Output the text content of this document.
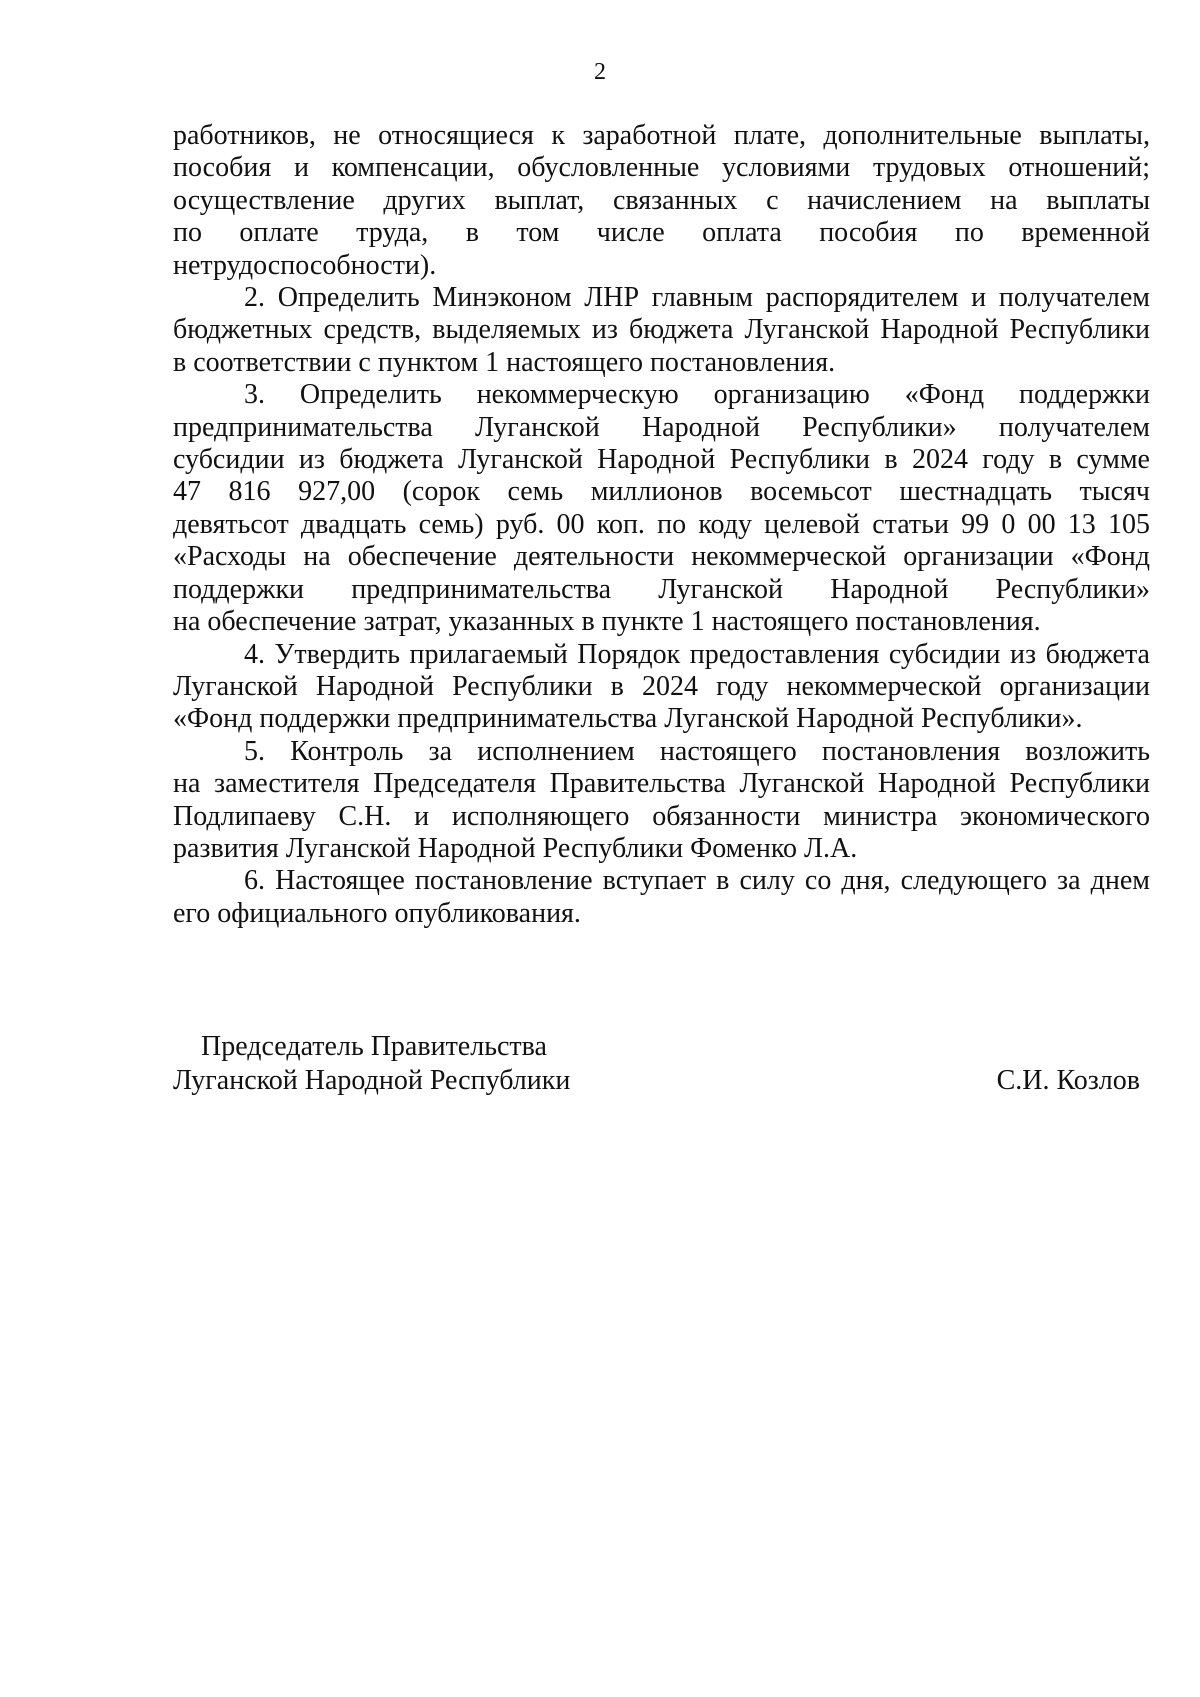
2

работников, не относящиеся к заработной плате, дополнительные выплаты,
пособия и компенсации, обусловленные условиями трудовых отношений;
осуществление других выплат, связанных с начислением на выплаты
по оплате труда, в том числе оплата пособия по временной
нетрудоспособности).

2. Определить Минэконом ЛНР главным распорядителем и получателем
бюджетных средств, выделяемых из бюджета Луганской Народной Республики
в соответствии с пунктом 1 настоящего постановления.

3. Определить некоммерческую организацию «Фонд поддержки
предпринимательства Луганской Народной Республики» получателем
субсидии из бюджета Луганской Народной Республики в 2024 году в сумме
47 816 927,00 (сорок семь миллионов восемьсот шестнадцать тысяч
девятьсот двадцать семь) руб. 00 коп. по коду целевой статьи 99 0 00 13 105
«Расходы на обеспечение деятельности некоммерческой организации «Фонд
поддержки предпринимательства Луганской Народной Республики»
на обеспечение затрат, указанных в пункте 1 настоящего постановления.

4. Утвердить прилагаемый Порядок предоставления субсидии из бюджета
Луганской Народной Республики в 2024 году некоммерческой организации
«Фонд поддержки предпринимательства Луганской Народной Республики».

5. Контроль за исполнением настоящего постановления возложить
на заместителя Председателя Правительства Луганской Народной Республики
Подлипаеву С.Н. и исполняющего обязанности министра экономического
развития Луганской Народной Республики Фоменко Л.А.

6. Настоящее постановление вступает в силу со дня, следующего за днем
его официального опубликования.

Председатель Правительства
Луганской Народной Республики	С.И. Козлов
